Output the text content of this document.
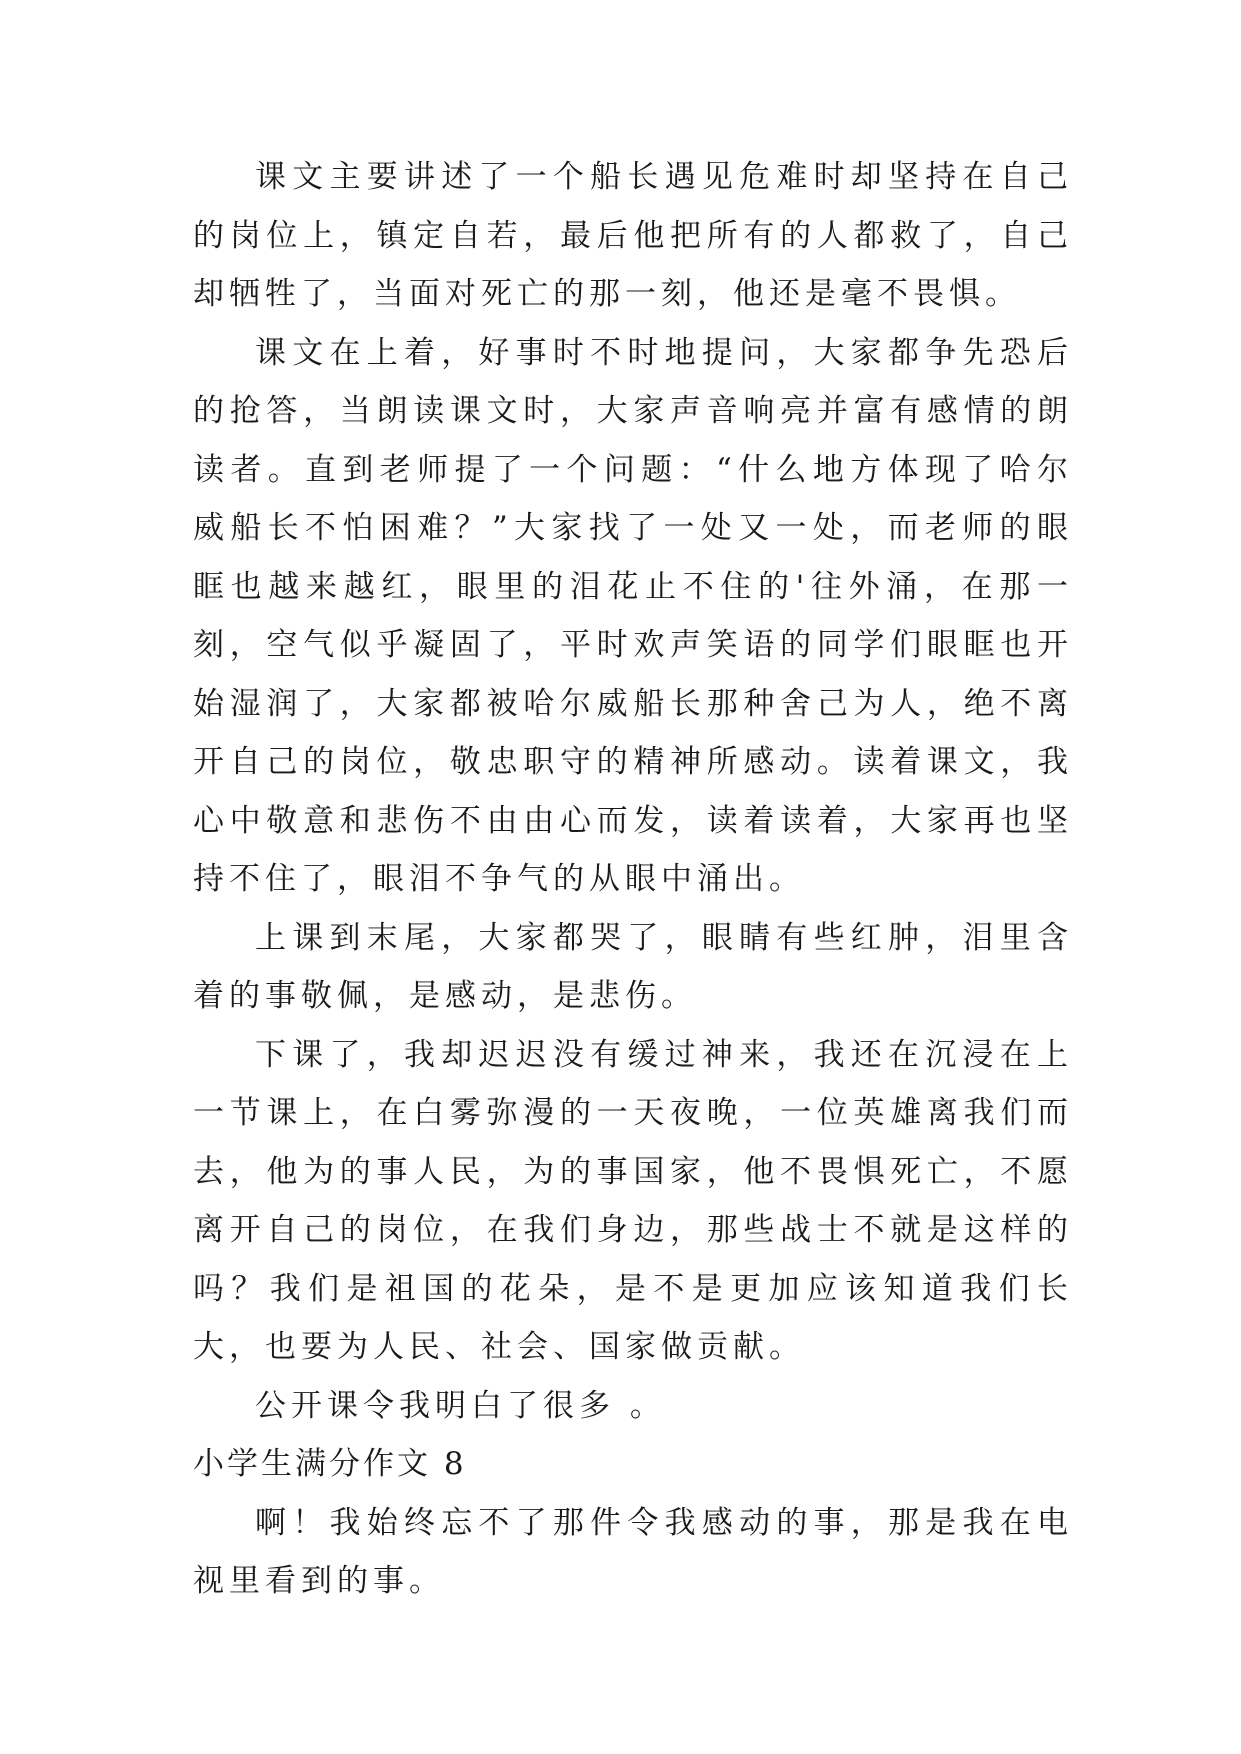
课文主要讲述了一个船长遇见危难时却坚持在自己的岗位上，镇定自若，最后他把所有的人都救了，自己却牺牲了，当面对死亡的那一刻，他还是毫不畏惧。

课文在上着，好事时不时地提问，大家都争先恐后的抢答，当朗读课文时，大家声音响亮并富有感情的朗读者。直到老师提了一个问题：“什么地方体现了哈尔威船长不怕困难？”大家找了一处又一处，而老师的眼眶也越来越红，眼里的泪花止不住的'往外涌，在那一刻，空气似乎凝固了，平时欢声笑语的同学们眼眶也开始湿润了，大家都被哈尔威船长那种舍己为人，绝不离开自己的岗位，敬忠职守的精神所感动。读着课文，我心中敬意和悲伤不由由心而发，读着读着，大家再也坚持不住了，眼泪不争气的从眼中涌出。

上课到末尾，大家都哭了，眼睛有些红肿，泪里含着的事敬佩，是感动，是悲伤。

下课了，我却迟迟没有缓过神来，我还在沉浸在上一节课上，在白雾弥漫的一天夜晚，一位英雄离我们而去，他为的事人民，为的事国家，他不畏惧死亡，不愿离开自己的岗位，在我们身边，那些战士不就是这样的吗？我们是祖国的花朵，是不是更加应该知道我们长大，也要为人民、社会、国家做贡献。

公开课令我明白了很多 。

小学生满分作文 8

啊！我始终忘不了那件令我感动的事，那是我在电视里看到的事。
